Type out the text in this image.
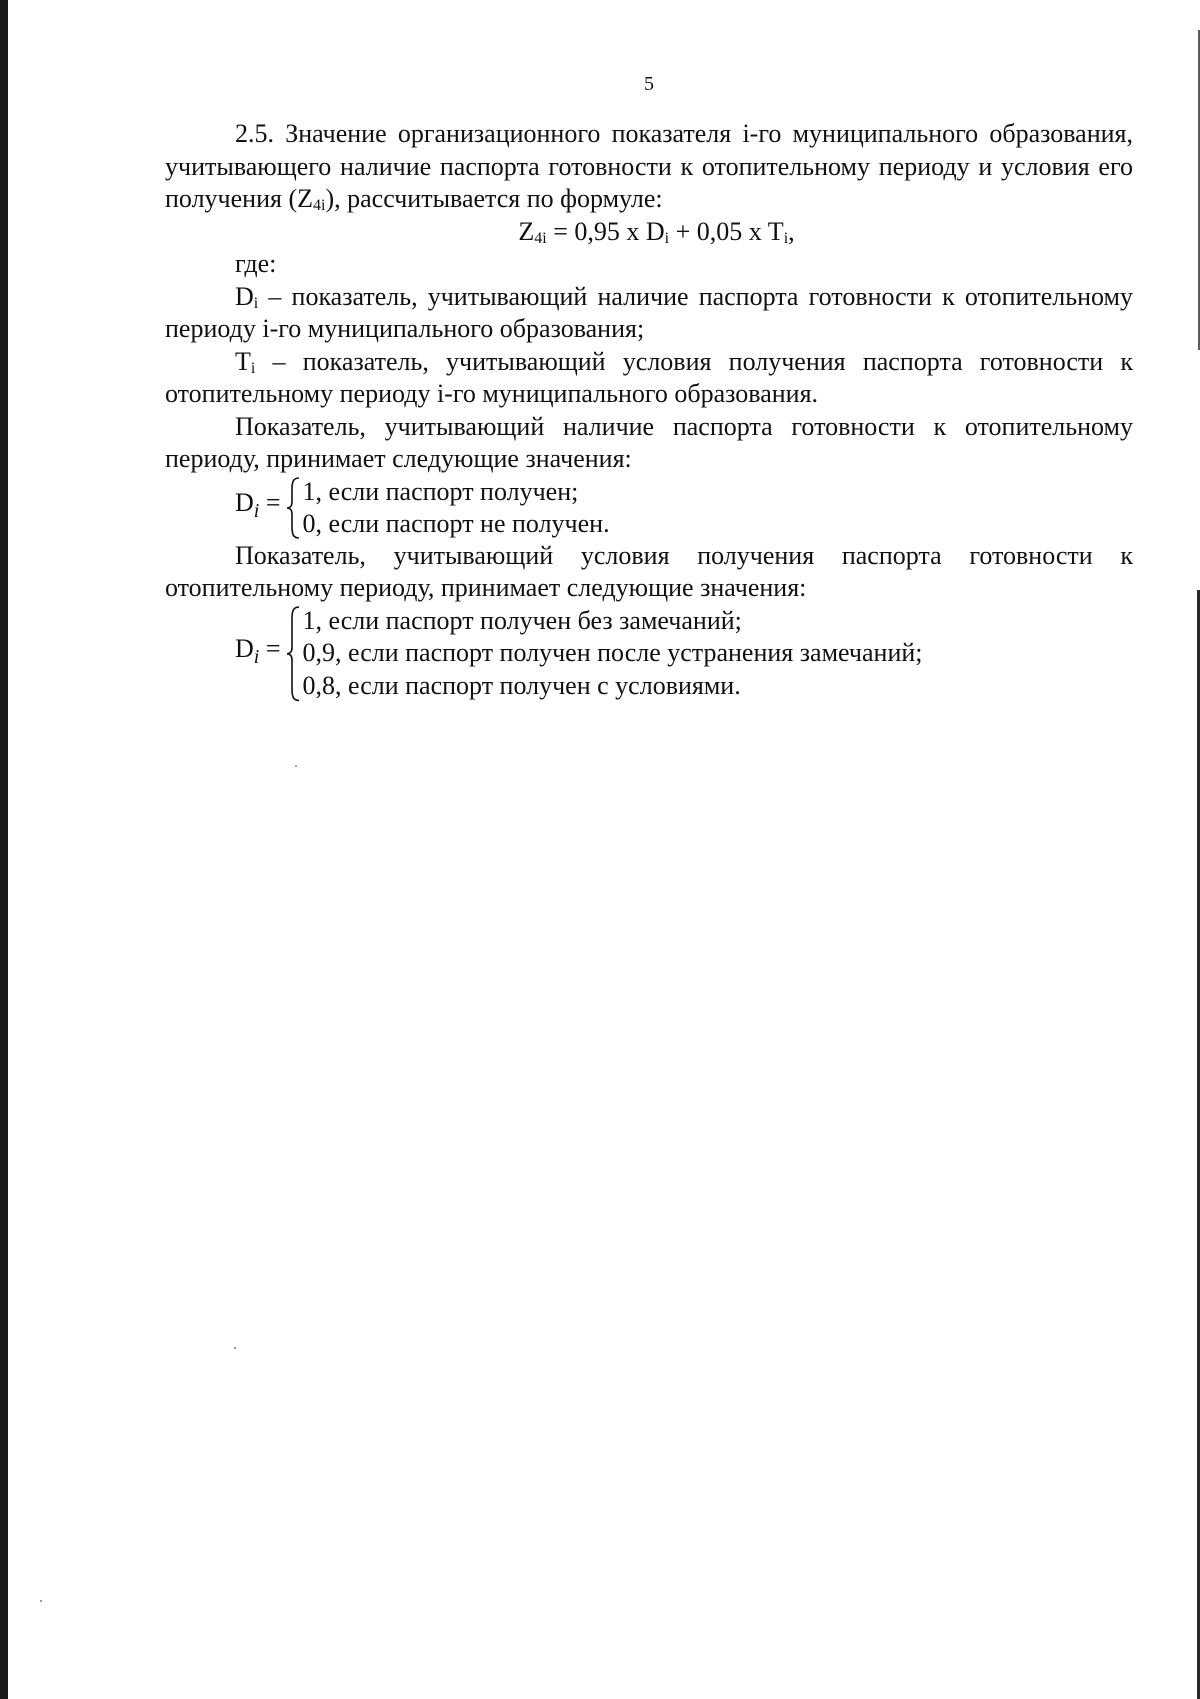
5

2.5. Значение организационного показателя i-го муниципального образования, учитывающего наличие паспорта готовности к отопительному периоду и условия его получения $(Z_{4i})$, рассчитывается по формуле:

$Z_{4i} = 0,95$ x $D_i + 0,05$ x $T_i$,

где:

$D_i$ – показатель, учитывающий наличие паспорта готовности к отопительному периоду i-го муниципального образования;

$T_i$ – показатель, учитывающий условия получения паспорта готовности к отопительному периоду i-го муниципального образования.

Показатель, учитывающий наличие паспорта готовности к отопительному периоду, принимает следующие значения:

$D_i = 1$, если паспорт получен;
0, если паспорт не получен.

Показатель, учитывающий условия получения паспорта готовности к отопительному периоду, принимает следующие значения:

$D_i$ =
1, если паспорт получен без замечаний;
0,9, если паспорт получен после устранения замечаний;
0,8, если паспорт получен с условиями.
